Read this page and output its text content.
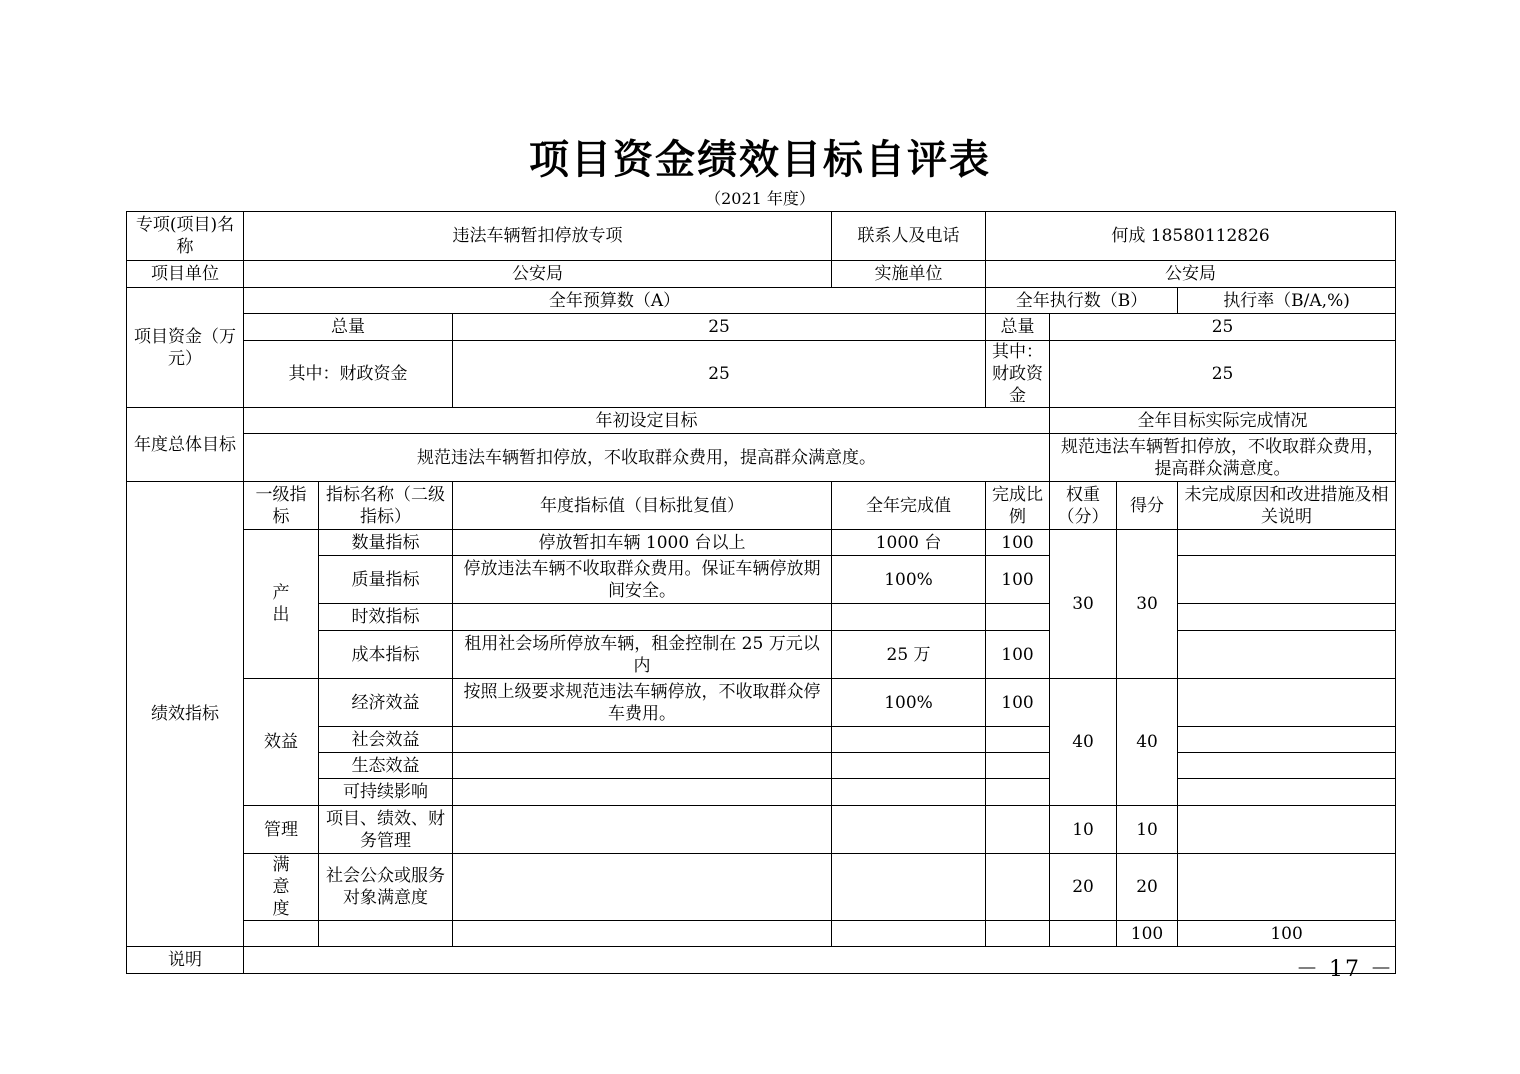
项目资金绩效目标自评表
（2021 年度）
专项(项目)名称	违法车辆暂扣停放专项			联系人及电话	何成 18580112826				
项目单位	公安局			实施单位	公安局				
项目资金（万元）	全年预算数（A）				全年执行数（B）			执行率（B/A,%)	
	总量		25		总量	25	
	其中：财政资金		25		其中：财政资金	25	
年度总体目标	年初设定目标					全年目标实际完成情况			
	规范违法车辆暂扣停放，不收取群众费用，提高群众满意度。					规范违法车辆暂扣停放，不收取群众费用，提高群众满意度。			
绩效指标	一级指标	指标名称（二级指标）	年度指标值（目标批复值）	全年完成值	完成比例	权重（分）	得分	未完成原因和改进措施及相关说明	
	产出	数量指标	停放暂扣车辆 1000 台以上	1000 台	100	30	30		
		质量指标	停放违法车辆不收取群众费用。保证车辆停放期间安全。	100%	100				
		时效指标							
		成本指标	租用社会场所停放车辆，租金控制在 25 万元以内	25 万	100				
	效益	经济效益	按照上级要求规范违法车辆停放，不收取群众停车费用。	100%	100	40	40		
		社会效益							
		生态效益							
		可持续影响							
	管理	项目、绩效、财务管理				10	10		
	满意度	社会公众或服务对象满意度				20	20		
							100	100	
说明										－ 17 －
